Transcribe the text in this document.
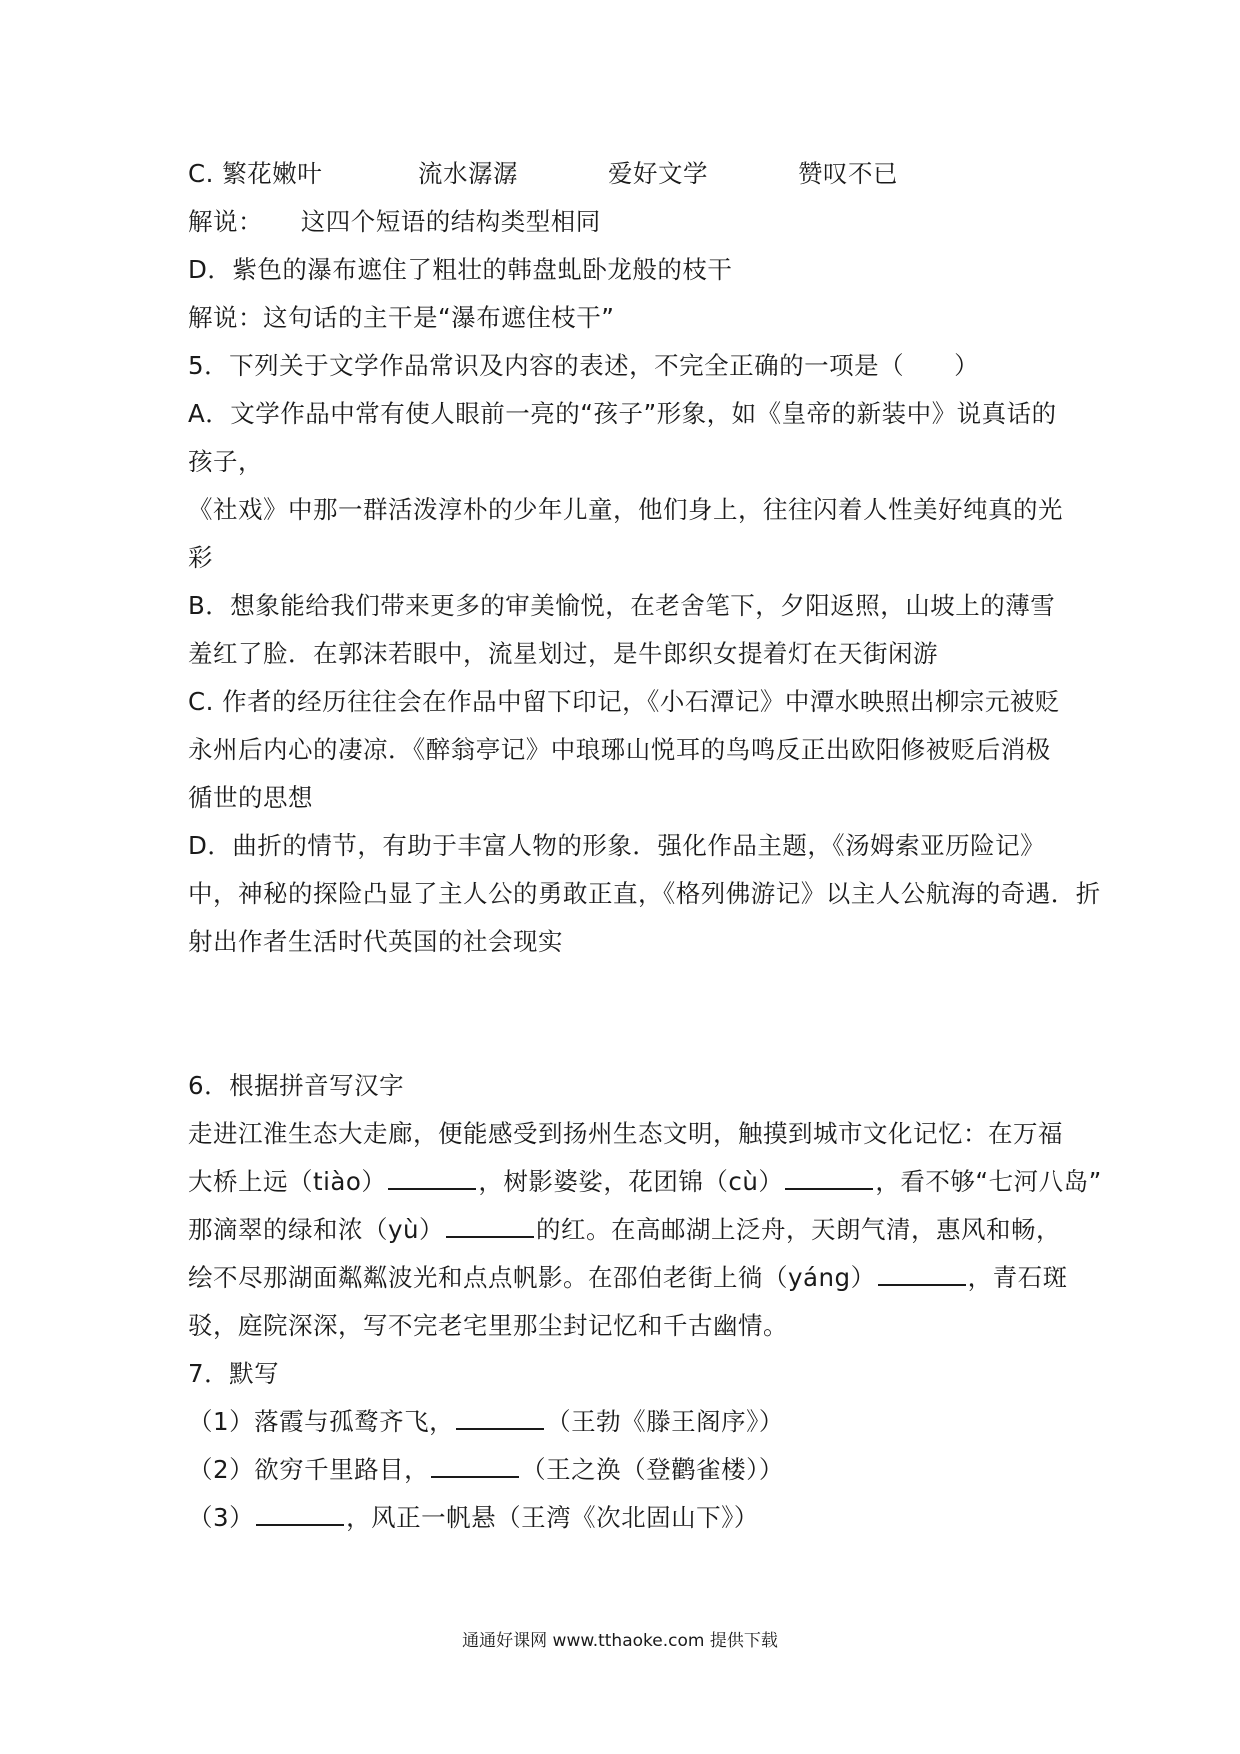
C. 繁花嫩叶	流水潺潺	爱好文学	赞叹不已
解说：　　这四个短语的结构类型相同
D．紫色的瀑布遮住了粗壮的韩盘虬卧龙般的枝干
解说：这句话的主干是“瀑布遮住枝干”
5．下列关于文学作品常识及内容的表述，不完全正确的一项是（　　）
A．文学作品中常有使人眼前一亮的“孩子”形象，如《皇帝的新装中》说真话的
孩子，
《社戏》中那一群活泼淳朴的少年儿童，他们身上，往往闪着人性美好纯真的光
彩
B．想象能给我们带来更多的审美愉悦，在老舍笔下，夕阳返照，山坡上的薄雪
羞红了脸．在郭沫若眼中，流星划过，是牛郎织女提着灯在天街闲游
C. 作者的经历往往会在作品中留下印记，《小石潭记》中潭水映照出柳宗元被贬
永州后内心的凄凉．《醉翁亭记》中琅琊山悦耳的鸟鸣反正出欧阳修被贬后消极
循世的思想
D．曲折的情节，有助于丰富人物的形象．强化作品主题，《汤姆索亚历险记》
中，神秘的探险凸显了主人公的勇敢正直，《格列佛游记》以主人公航海的奇遇．折
射出作者生活时代英国的社会现实
6．根据拼音写汉字
走进江淮生态大走廊，便能感受到扬州生态文明，触摸到城市文化记忆：在万福
大桥上远（tiào）	，树影婆娑，花团锦（cù）	，看不够“七河八岛”
那滴翠的绿和浓（yù）	的红。在高邮湖上泛舟，天朗气清，惠风和畅，
绘不尽那湖面粼粼波光和点点帆影。在邵伯老街上徜（yáng）	，青石斑
驳，庭院深深，写不完老宅里那尘封记忆和千古幽情。
7．默写
（1）落霞与孤鹜齐飞，	（王勃《滕王阁序》）
（2）欲穷千里路目，	（王之涣（登鹳雀楼））
（3）	，风正一帆悬（王湾《次北固山下》）
通通好课网 www.tthaoke.com 提供下载
